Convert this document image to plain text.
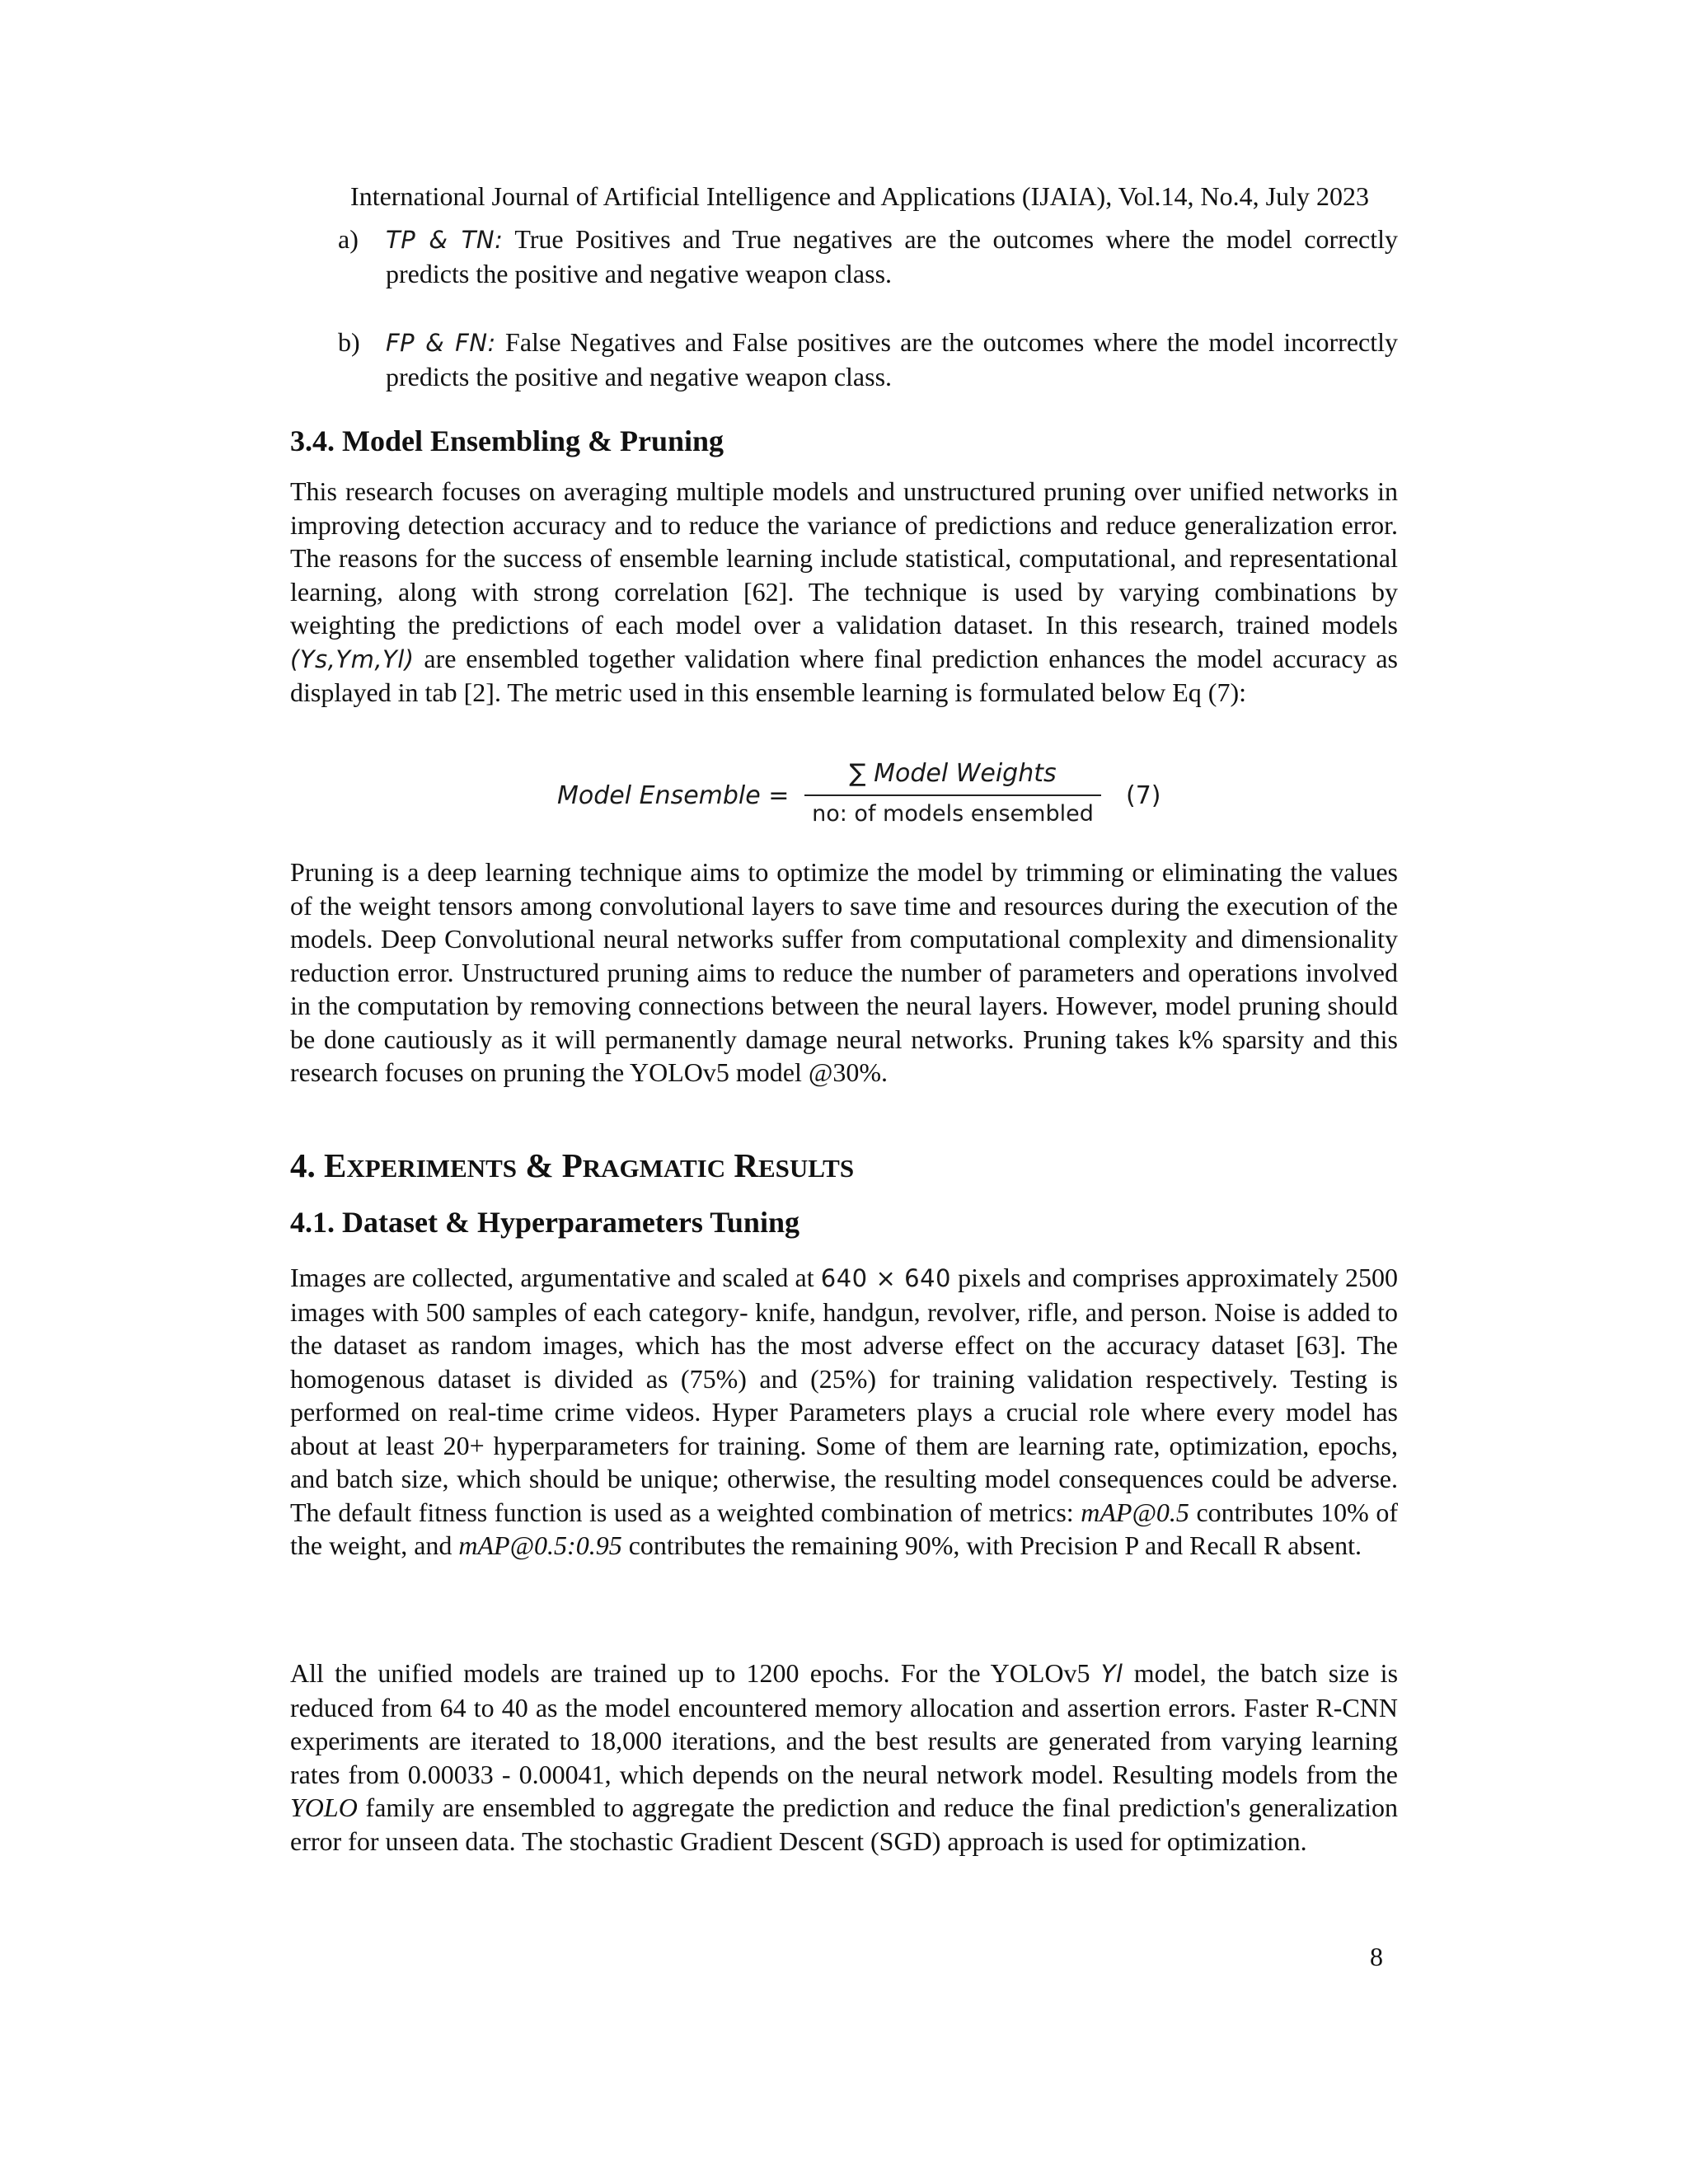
International Journal of Artificial Intelligence and Applications (IJAIA), Vol.14, No.4, July 2023
a) TP & TN: True Positives and True negatives are the outcomes where the model correctly predicts the positive and negative weapon class.
b) FP & FN: False Negatives and False positives are the outcomes where the model incorrectly predicts the positive and negative weapon class.
3.4. Model Ensembling & Pruning
This research focuses on averaging multiple models and unstructured pruning over unified networks in improving detection accuracy and to reduce the variance of predictions and reduce generalization error. The reasons for the success of ensemble learning include statistical, computational, and representational learning, along with strong correlation [62]. The technique is used by varying combinations by weighting the predictions of each model over a validation dataset. In this research, trained models (Ys,Ym,Yl) are ensembled together validation where final prediction enhances the model accuracy as displayed in tab [2]. The metric used in this ensemble learning is formulated below Eq (7):
Model Ensemble =
∑ Model Weights
no: of models ensembled
(7)
Pruning is a deep learning technique aims to optimize the model by trimming or eliminating the values of the weight tensors among convolutional layers to save time and resources during the execution of the models. Deep Convolutional neural networks suffer from computational complexity and dimensionality reduction error. Unstructured pruning aims to reduce the number of parameters and operations involved in the computation by removing connections between the neural layers. However, model pruning should be done cautiously as it will permanently damage neural networks. Pruning takes k% sparsity and this research focuses on pruning the YOLOv5 model @30%.
4. EXPERIMENTS & PRAGMATIC RESULTS
4.1. Dataset & Hyperparameters Tuning
Images are collected, argumentative and scaled at 640 × 640 pixels and comprises approximately 2500 images with 500 samples of each category- knife, handgun, revolver, rifle, and person. Noise is added to the dataset as random images, which has the most adverse effect on the accuracy dataset [63]. The homogenous dataset is divided as (75%) and (25%) for training validation respectively. Testing is performed on real-time crime videos. Hyper Parameters plays a crucial role where every model has about at least 20+ hyperparameters for training. Some of them are learning rate, optimization, epochs, and batch size, which should be unique; otherwise, the resulting model consequences could be adverse. The default fitness function is used as a weighted combination of metrics: mAP@0.5 contributes 10% of the weight, and mAP@0.5:0.95 contributes the remaining 90%, with Precision P and Recall R absent.
All the unified models are trained up to 1200 epochs. For the YOLOv5 Yl model, the batch size is reduced from 64 to 40 as the model encountered memory allocation and assertion errors. Faster R-CNN experiments are iterated to 18,000 iterations, and the best results are generated from varying learning rates from 0.00033 - 0.00041, which depends on the neural network model. Resulting models from the YOLO family are ensembled to aggregate the prediction and reduce the final prediction's generalization error for unseen data. The stochastic Gradient Descent (SGD) approach is used for optimization.
8
